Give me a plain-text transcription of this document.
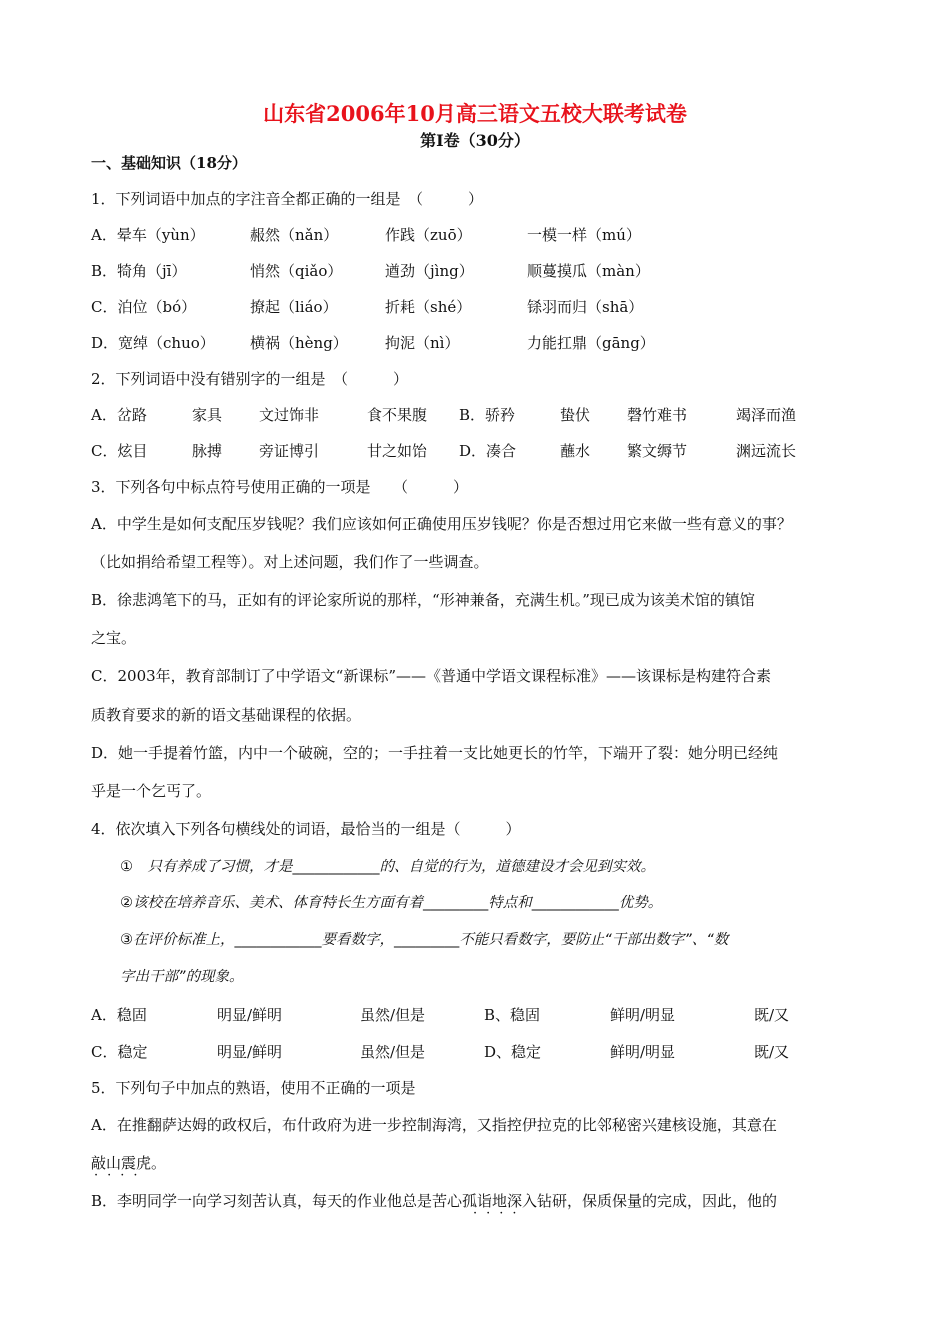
山东省2006年10月高三语文五校大联考试卷
第Ⅰ卷（30分）
一、基础知识（18分）
1．下列词语中加点的字注音全都正确的一组是　（　　　）
A．晕车（yùn）	赧然（nǎn）	作践（zuō）	一模一样（mú）
B．犄角（jī）	悄然（qiǎo）	遒劲（jìng）	顺蔓摸瓜（màn）
C．泊位（bó）	撩起（liáo）	折耗（shé）	铩羽而归（shā）
D．宽绰（chuo） 横祸（hèng） 拘泥（nì）	力能扛鼎（gāng）
2．下列词语中没有错别字的一组是　（　　　）
A．岔路	家具 文过饰非	食不果腹 B．骄矜	蛰伏 磬竹难书	竭泽而渔
C．炫目	脉搏 旁证博引	甘之如饴 D．凑合	蘸水 繁文缛节	渊远流长
3．下列各句中标点符号使用正确的一项是　　（　　　）
A．中学生是如何支配压岁钱呢？我们应该如何正确使用压岁钱呢？你是否想过用它来做一些有意义的事？
（比如捐给希望工程等）。对上述问题，我们作了一些调查。
B．徐悲鸿笔下的马，正如有的评论家所说的那样，“形神兼备，充满生机。”现已成为该美术馆的镇馆
之宝。
C．2003年，教育部制订了中学语文“新课标”——《普通中学语文课程标准》——该课标是构建符合素
质教育要求的新的语文基础课程的依据。
D．她一手提着竹篮，内中一个破碗，空的；一手拄着一支比她更长的竹竿，下端开了裂：她分明已经纯
乎是一个乞丐了。
4．依次填入下列各句横线处的词语，最恰当的一组是（　　　）
①　只有养成了习惯，才是____________的、自觉的行为，道德建设才会见到实效。
②该校在培养音乐、美术、体育特长生方面有着_________特点和____________优势。
③在评价标准上，____________要看数字，_________不能只看数字，要防止“干部出数字”、“数
字出干部”的现象。
A．稳固	明显/鲜明	虽然/但是	B、稳固	鲜明/明显	既/又
C．稳定	明显/鲜明	虽然/但是	D、稳定	鲜明/明显	既/又
5．下列句子中加点的熟语，使用不正确的一项是
A．在推翻萨达姆的政权后，布什政府为进一步控制海湾，又指控伊拉克的比邻秘密兴建核设施，其意在
敲山震虎。
····
B．李明同学一向学习刻苦认真，每天的作业他总是苦心孤诣地深入钻研，保质保量的完成，因此，他的
····
